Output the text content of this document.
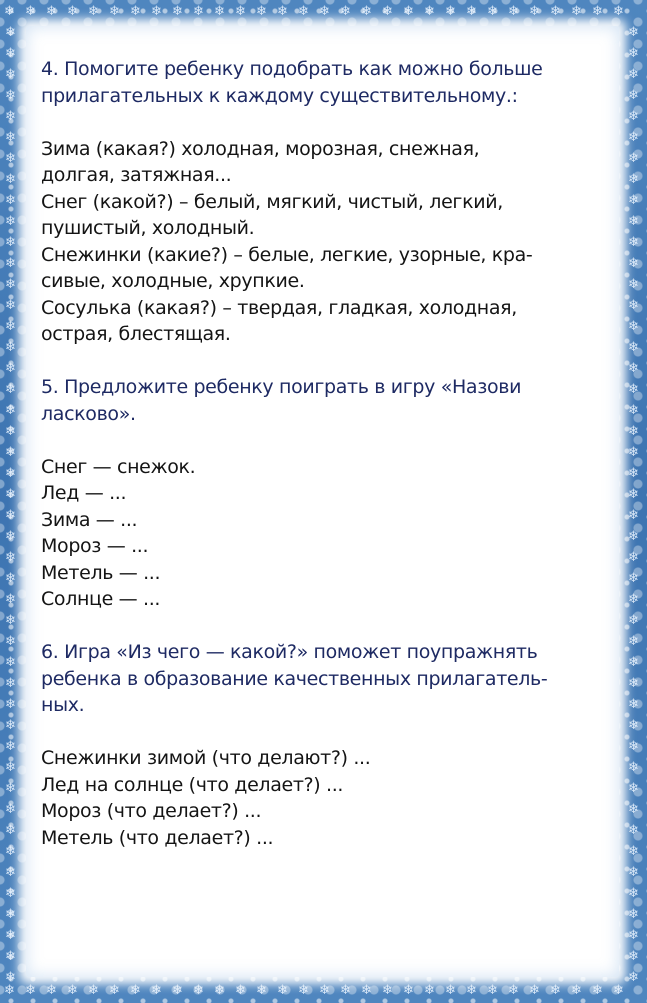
❄
❄
❄
❄
❄
❄
❄
❄
❄
❄
❄
❄
❄
❄
❄
❄
❄
❄
❄
❄
❄
❄
❄
❄
❄
❄
❄
❄
❄
❄
❄
❄
❄
❄
❄
❄
❄
❄
❄
❄
❄
❄
❄
❄
❄
❄
❄
❄
❄
❄
❄
❄
❄
❄
❄
❄
❄
❄
❄
❄
❄	❄
❄	❄
❄	❄
❄	❄
❄	❄
❄	❄
❄	❄
❄	❄
❄	❄
❄	❄
❄	❄
❄	❄
❄	❄
❄	❄
❄	❄
❄	❄
❄	❄
❄	❄
❄	❄
❄	❄
❄	❄
❄	❄
❄	❄
❄	❄
❄	❄
❄	❄
❄	❄
❄	❄
❄	❄
❄	❄
❄	❄
❄	❄
❄	❄
❄	❄
❄	❄
❄	❄
❄	❄
❄	❄
❄	❄
❄	❄
❄	❄
❄	❄
❄	❄
❄	❄
❄	❄
❄	❄

4. Помогите ребенку подобрать как можно больше

прилагательных к каждому существительному.:

Зима (какая?) холодная, морозная, снежная,

долгая, затяжная...

Снег (какой?) – белый, мягкий, чистый, легкий,

пушистый, холодный.

Снежинки (какие?) – белые, легкие, узорные, кра-

сивые, холодные, хрупкие.

Сосулька (какая?) – твердая, гладкая, холодная,

острая, блестящая.

5. Предложите ребенку поиграть в игру «Назови

ласково».

Снег — снежок.

Лед — ...

Зима — ...

Мороз — ...

Метель — ...

Солнце — ...

6. Игра «Из чего — какой?» поможет поупражнять

ребенка в образование качественных прилагатель-

ных.

Снежинки зимой (что делают?) ...

Лед на солнце (что делает?) ...

Мороз (что делает?) ...

Метель (что делает?) ...
